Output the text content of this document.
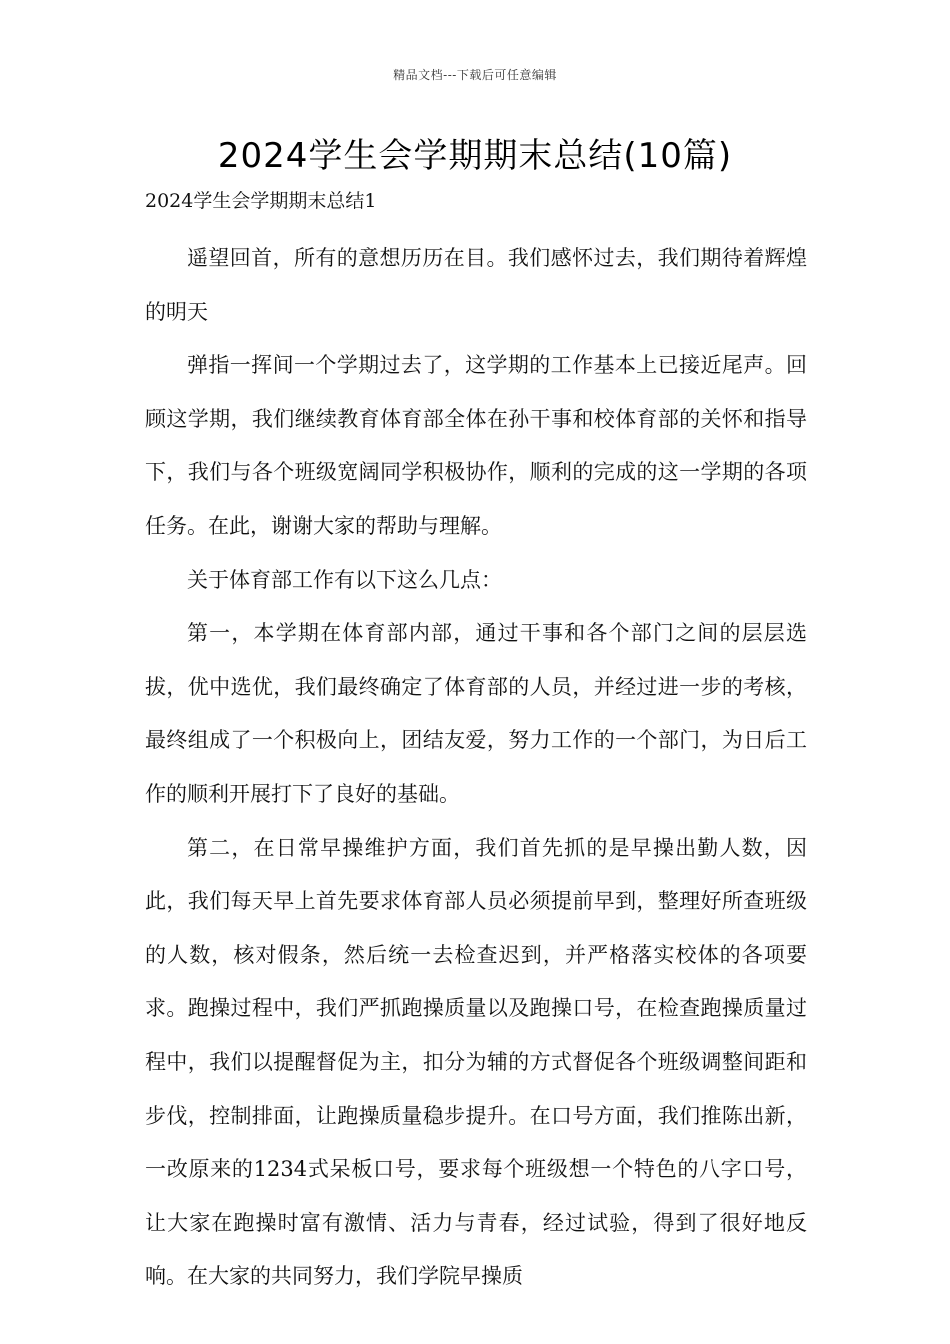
精品文档---下载后可任意编辑
2024学生会学期期末总结(10篇)
2024学生会学期期末总结1

遥望回首，所有的意想历历在目。我们感怀过去，我们期待着辉煌的明天

弹指一挥间一个学期过去了，这学期的工作基本上已接近尾声。回顾这学期，我们继续教育体育部全体在孙干事和校体育部的关怀和指导下，我们与各个班级宽阔同学积极协作，顺利的完成的这一学期的各项任务。在此，谢谢大家的帮助与理解。

关于体育部工作有以下这么几点：

第一，本学期在体育部内部，通过干事和各个部门之间的层层选拔，优中选优，我们最终确定了体育部的人员，并经过进一步的考核，最终组成了一个积极向上，团结友爱，努力工作的一个部门，为日后工作的顺利开展打下了良好的基础。

第二，在日常早操维护方面，我们首先抓的是早操出勤人数，因此，我们每天早上首先要求体育部人员必须提前早到，整理好所查班级的人数，核对假条，然后统一去检查迟到，并严格落实校体的各项要求。跑操过程中，我们严抓跑操质量以及跑操口号，在检查跑操质量过程中，我们以提醒督促为主，扣分为辅的方式督促各个班级调整间距和步伐，控制排面，让跑操质量稳步提升。在口号方面，我们推陈出新，一改原来的1234式呆板口号，要求每个班级想一个特色的八字口号，让大家在跑操时富有激情、活力与青春，经过试验，得到了很好地反响。在大家的共同努力，我们学院早操质
